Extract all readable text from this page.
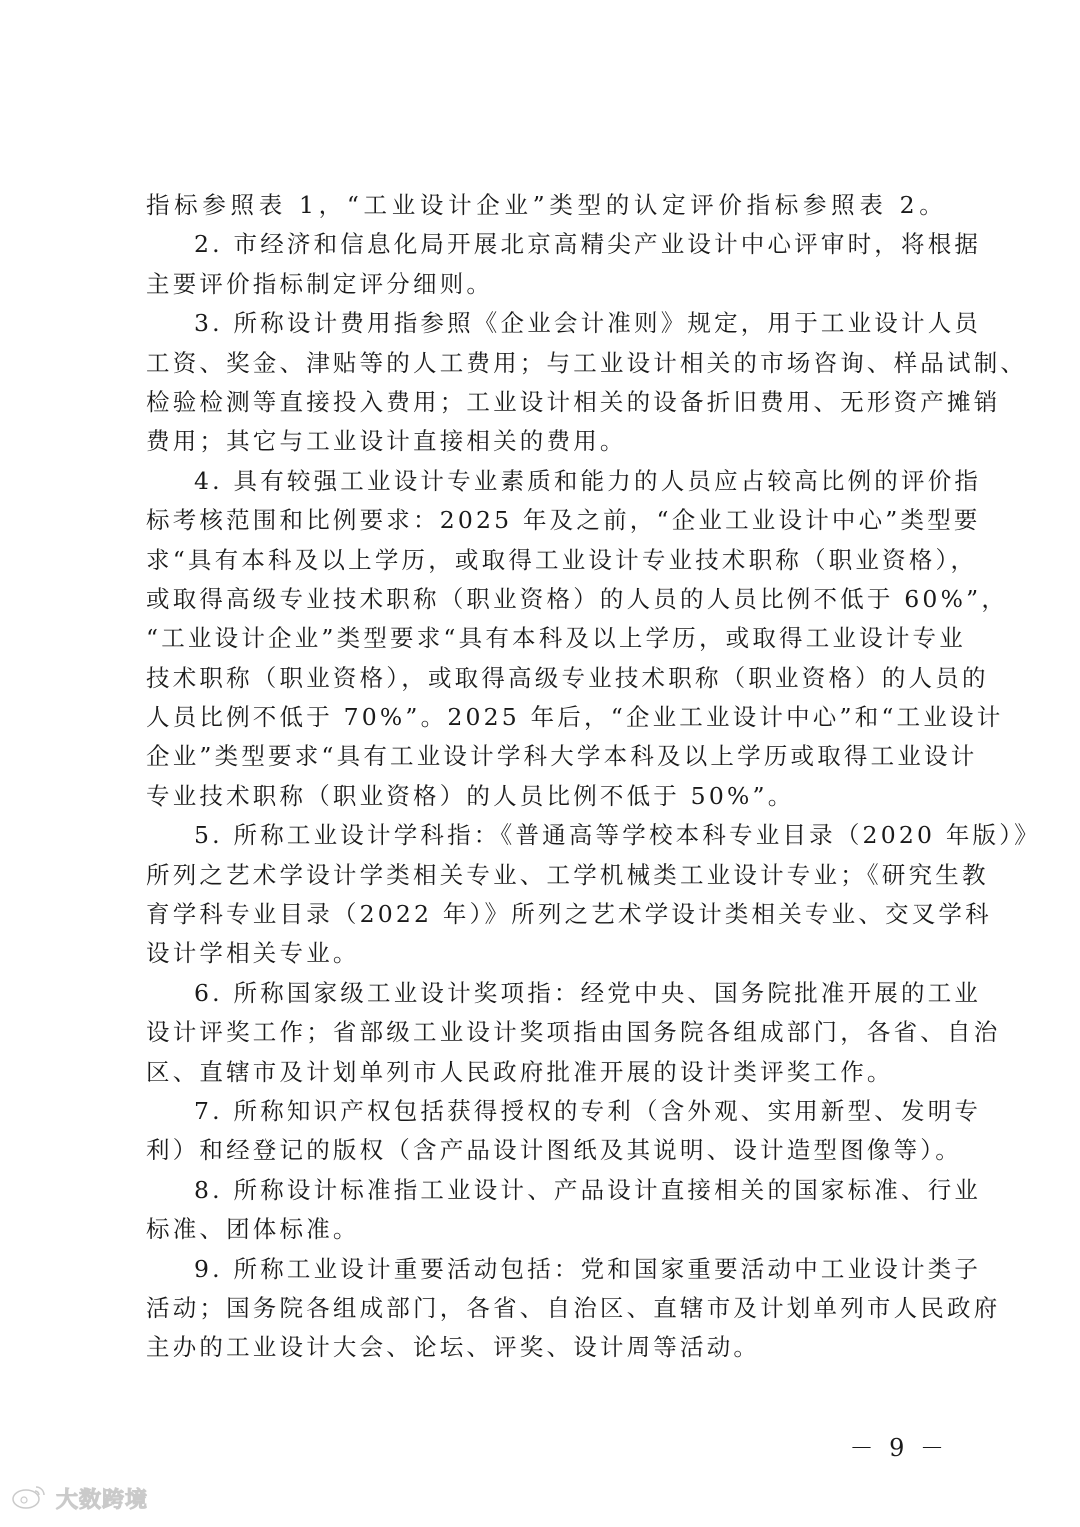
指标参照表 1，“工业设计企业”类型的认定评价指标参照表 2。
2. 市经济和信息化局开展北京高精尖产业设计中心评审时，将根据
主要评价指标制定评分细则。
3. 所称设计费用指参照《企业会计准则》规定，用于工业设计人员
工资、奖金、津贴等的人工费用；与工业设计相关的市场咨询、样品试制、
检验检测等直接投入费用；工业设计相关的设备折旧费用、无形资产摊销
费用；其它与工业设计直接相关的费用。
4. 具有较强工业设计专业素质和能力的人员应占较高比例的评价指
标考核范围和比例要求：2025 年及之前，“企业工业设计中心”类型要
求“具有本科及以上学历，或取得工业设计专业技术职称（职业资格），
或取得高级专业技术职称（职业资格）的人员的人员比例不低于 60%”，
“工业设计企业”类型要求“具有本科及以上学历，或取得工业设计专业
技术职称（职业资格），或取得高级专业技术职称（职业资格）的人员的
人员比例不低于 70%”。2025 年后，“企业工业设计中心”和“工业设计
企业”类型要求“具有工业设计学科大学本科及以上学历或取得工业设计
专业技术职称（职业资格）的人员比例不低于 50%”。
5. 所称工业设计学科指：《普通高等学校本科专业目录（2020 年版）》
所列之艺术学设计学类相关专业、工学机械类工业设计专业；《研究生教
育学科专业目录（2022 年）》所列之艺术学设计类相关专业、交叉学科
设计学相关专业。
6. 所称国家级工业设计奖项指：经党中央、国务院批准开展的工业
设计评奖工作；省部级工业设计奖项指由国务院各组成部门，各省、自治
区、直辖市及计划单列市人民政府批准开展的设计类评奖工作。
7. 所称知识产权包括获得授权的专利（含外观、实用新型、发明专
利）和经登记的版权（含产品设计图纸及其说明、设计造型图像等）。
8. 所称设计标准指工业设计、产品设计直接相关的国家标准、行业
标准、团体标准。
9. 所称工业设计重要活动包括：党和国家重要活动中工业设计类子
活动；国务院各组成部门，各省、自治区、直辖市及计划单列市人民政府
主办的工业设计大会、论坛、评奖、设计周等活动。
－ 9 －
大数跨境
